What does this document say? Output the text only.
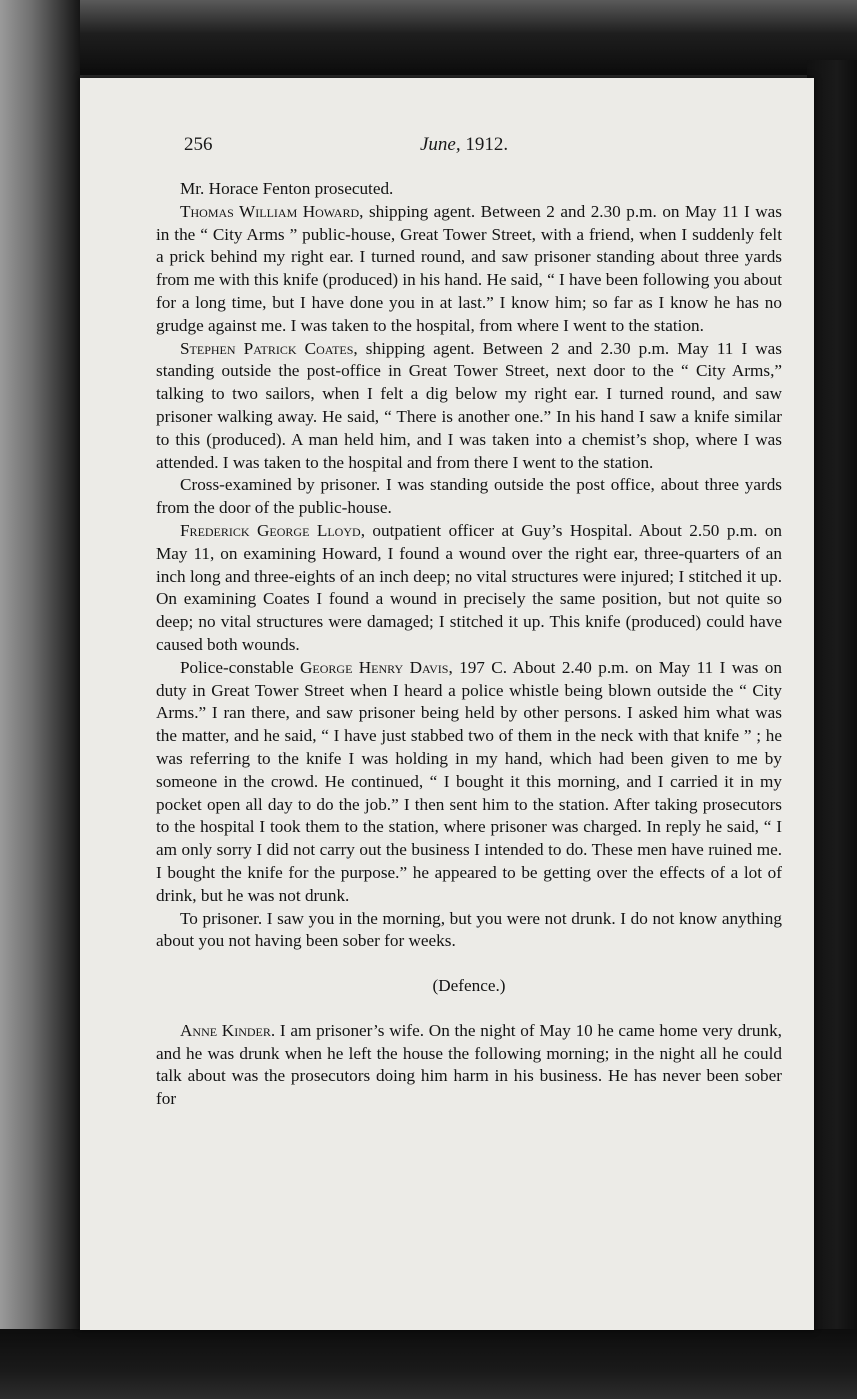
256	June, 1912.

Mr. Horace Fenton prosecuted.

Thomas William Howard, shipping agent. Between 2 and 2.30 p.m. on May 11 I was in the “ City Arms ” public-house, Great Tower Street, with a friend, when I suddenly felt a prick behind my right ear. I turned round, and saw prisoner standing about three yards from me with this knife (produced) in his hand. He said, “ I have been following you about for a long time, but I have done you in at last.” I know him; so far as I know he has no grudge against me. I was taken to the hospital, from where I went to the station.

Stephen Patrick Coates, shipping agent. Between 2 and 2.30 p.m. May 11 I was standing outside the post-office in Great Tower Street, next door to the “ City Arms,” talking to two sailors, when I felt a dig below my right ear. I turned round, and saw prisoner walking away. He said, “ There is another one.” In his hand I saw a knife similar to this (produced). A man held him, and I was taken into a chemist’s shop, where I was attended. I was taken to the hospital and from there I went to the station.

Cross-examined by prisoner. I was standing outside the post office, about three yards from the door of the public-house.

Frederick George Lloyd, outpatient officer at Guy’s Hospital. About 2.50 p.m. on May 11, on examining Howard, I found a wound over the right ear, three-quarters of an inch long and three-eights of an inch deep; no vital structures were injured; I stitched it up. On examining Coates I found a wound in precisely the same position, but not quite so deep; no vital structures were damaged; I stitched it up. This knife (produced) could have caused both wounds.

Police-constable George Henry Davis, 197 C. About 2.40 p.m. on May 11 I was on duty in Great Tower Street when I heard a police whistle being blown outside the “ City Arms.” I ran there, and saw prisoner being held by other persons. I asked him what was the matter, and he said, “ I have just stabbed two of them in the neck with that knife ” ; he was referring to the knife I was holding in my hand, which had been given to me by someone in the crowd. He continued, “ I bought it this morning, and I carried it in my pocket open all day to do the job.” I then sent him to the station. After taking prosecutors to the hospital I took them to the station, where prisoner was charged. In reply he said, “ I am only sorry I did not carry out the business I intended to do. These men have ruined me. I bought the knife for the purpose.” he appeared to be getting over the effects of a lot of drink, but he was not drunk.

To prisoner. I saw you in the morning, but you were not drunk. I do not know anything about you not having been sober for weeks.

(Defence.)

Anne Kinder. I am prisoner’s wife. On the night of May 10 he came home very drunk, and he was drunk when he left the house the following morning; in the night all he could talk about was the prosecutors doing him harm in his business. He has never been sober for
